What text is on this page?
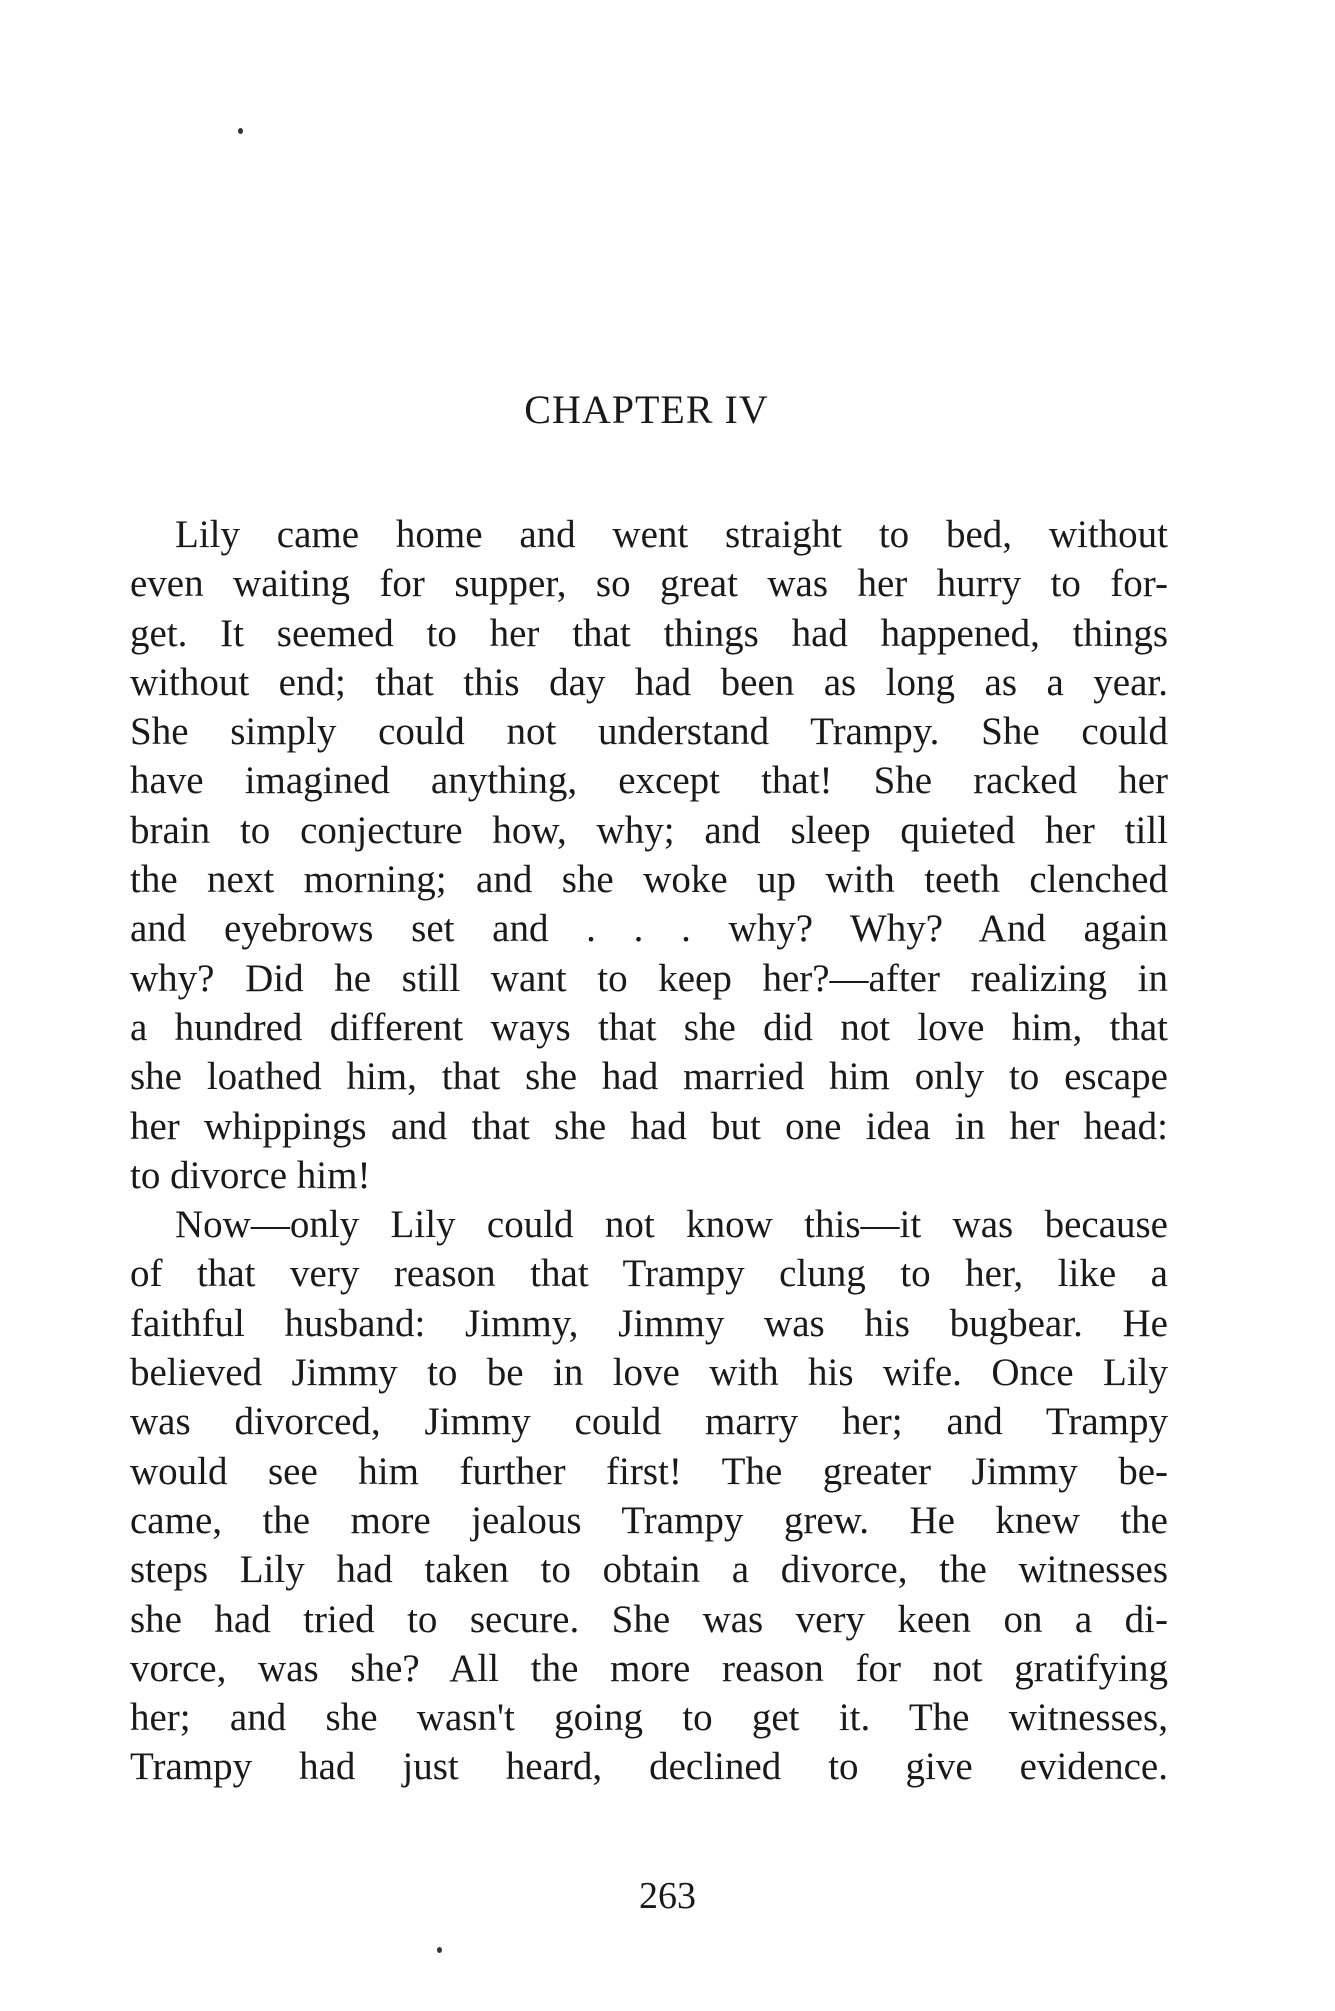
CHAPTER IV
Lily came home and went straight to bed, without
even waiting for supper, so great was her hurry to for-
get. It seemed to her that things had happened, things
without end; that this day had been as long as a year.
She simply could not understand Trampy. She could
have imagined anything, except that! She racked her
brain to conjecture how, why; and sleep quieted her till
the next morning; and she woke up with teeth clenched
and eyebrows set and . . . why? Why? And again
why? Did he still want to keep her?—after realizing in
a hundred different ways that she did not love him, that
she loathed him, that she had married him only to escape
her whippings and that she had but one idea in her head:
to divorce him!
Now—only Lily could not know this—it was because
of that very reason that Trampy clung to her, like a
faithful husband: Jimmy, Jimmy was his bugbear. He
believed Jimmy to be in love with his wife. Once Lily
was divorced, Jimmy could marry her; and Trampy
would see him further first! The greater Jimmy be-
came, the more jealous Trampy grew. He knew the
steps Lily had taken to obtain a divorce, the witnesses
she had tried to secure. She was very keen on a di-
vorce, was she? All the more reason for not gratifying
her; and she wasn't going to get it. The witnesses,
Trampy had just heard, declined to give evidence.

263
